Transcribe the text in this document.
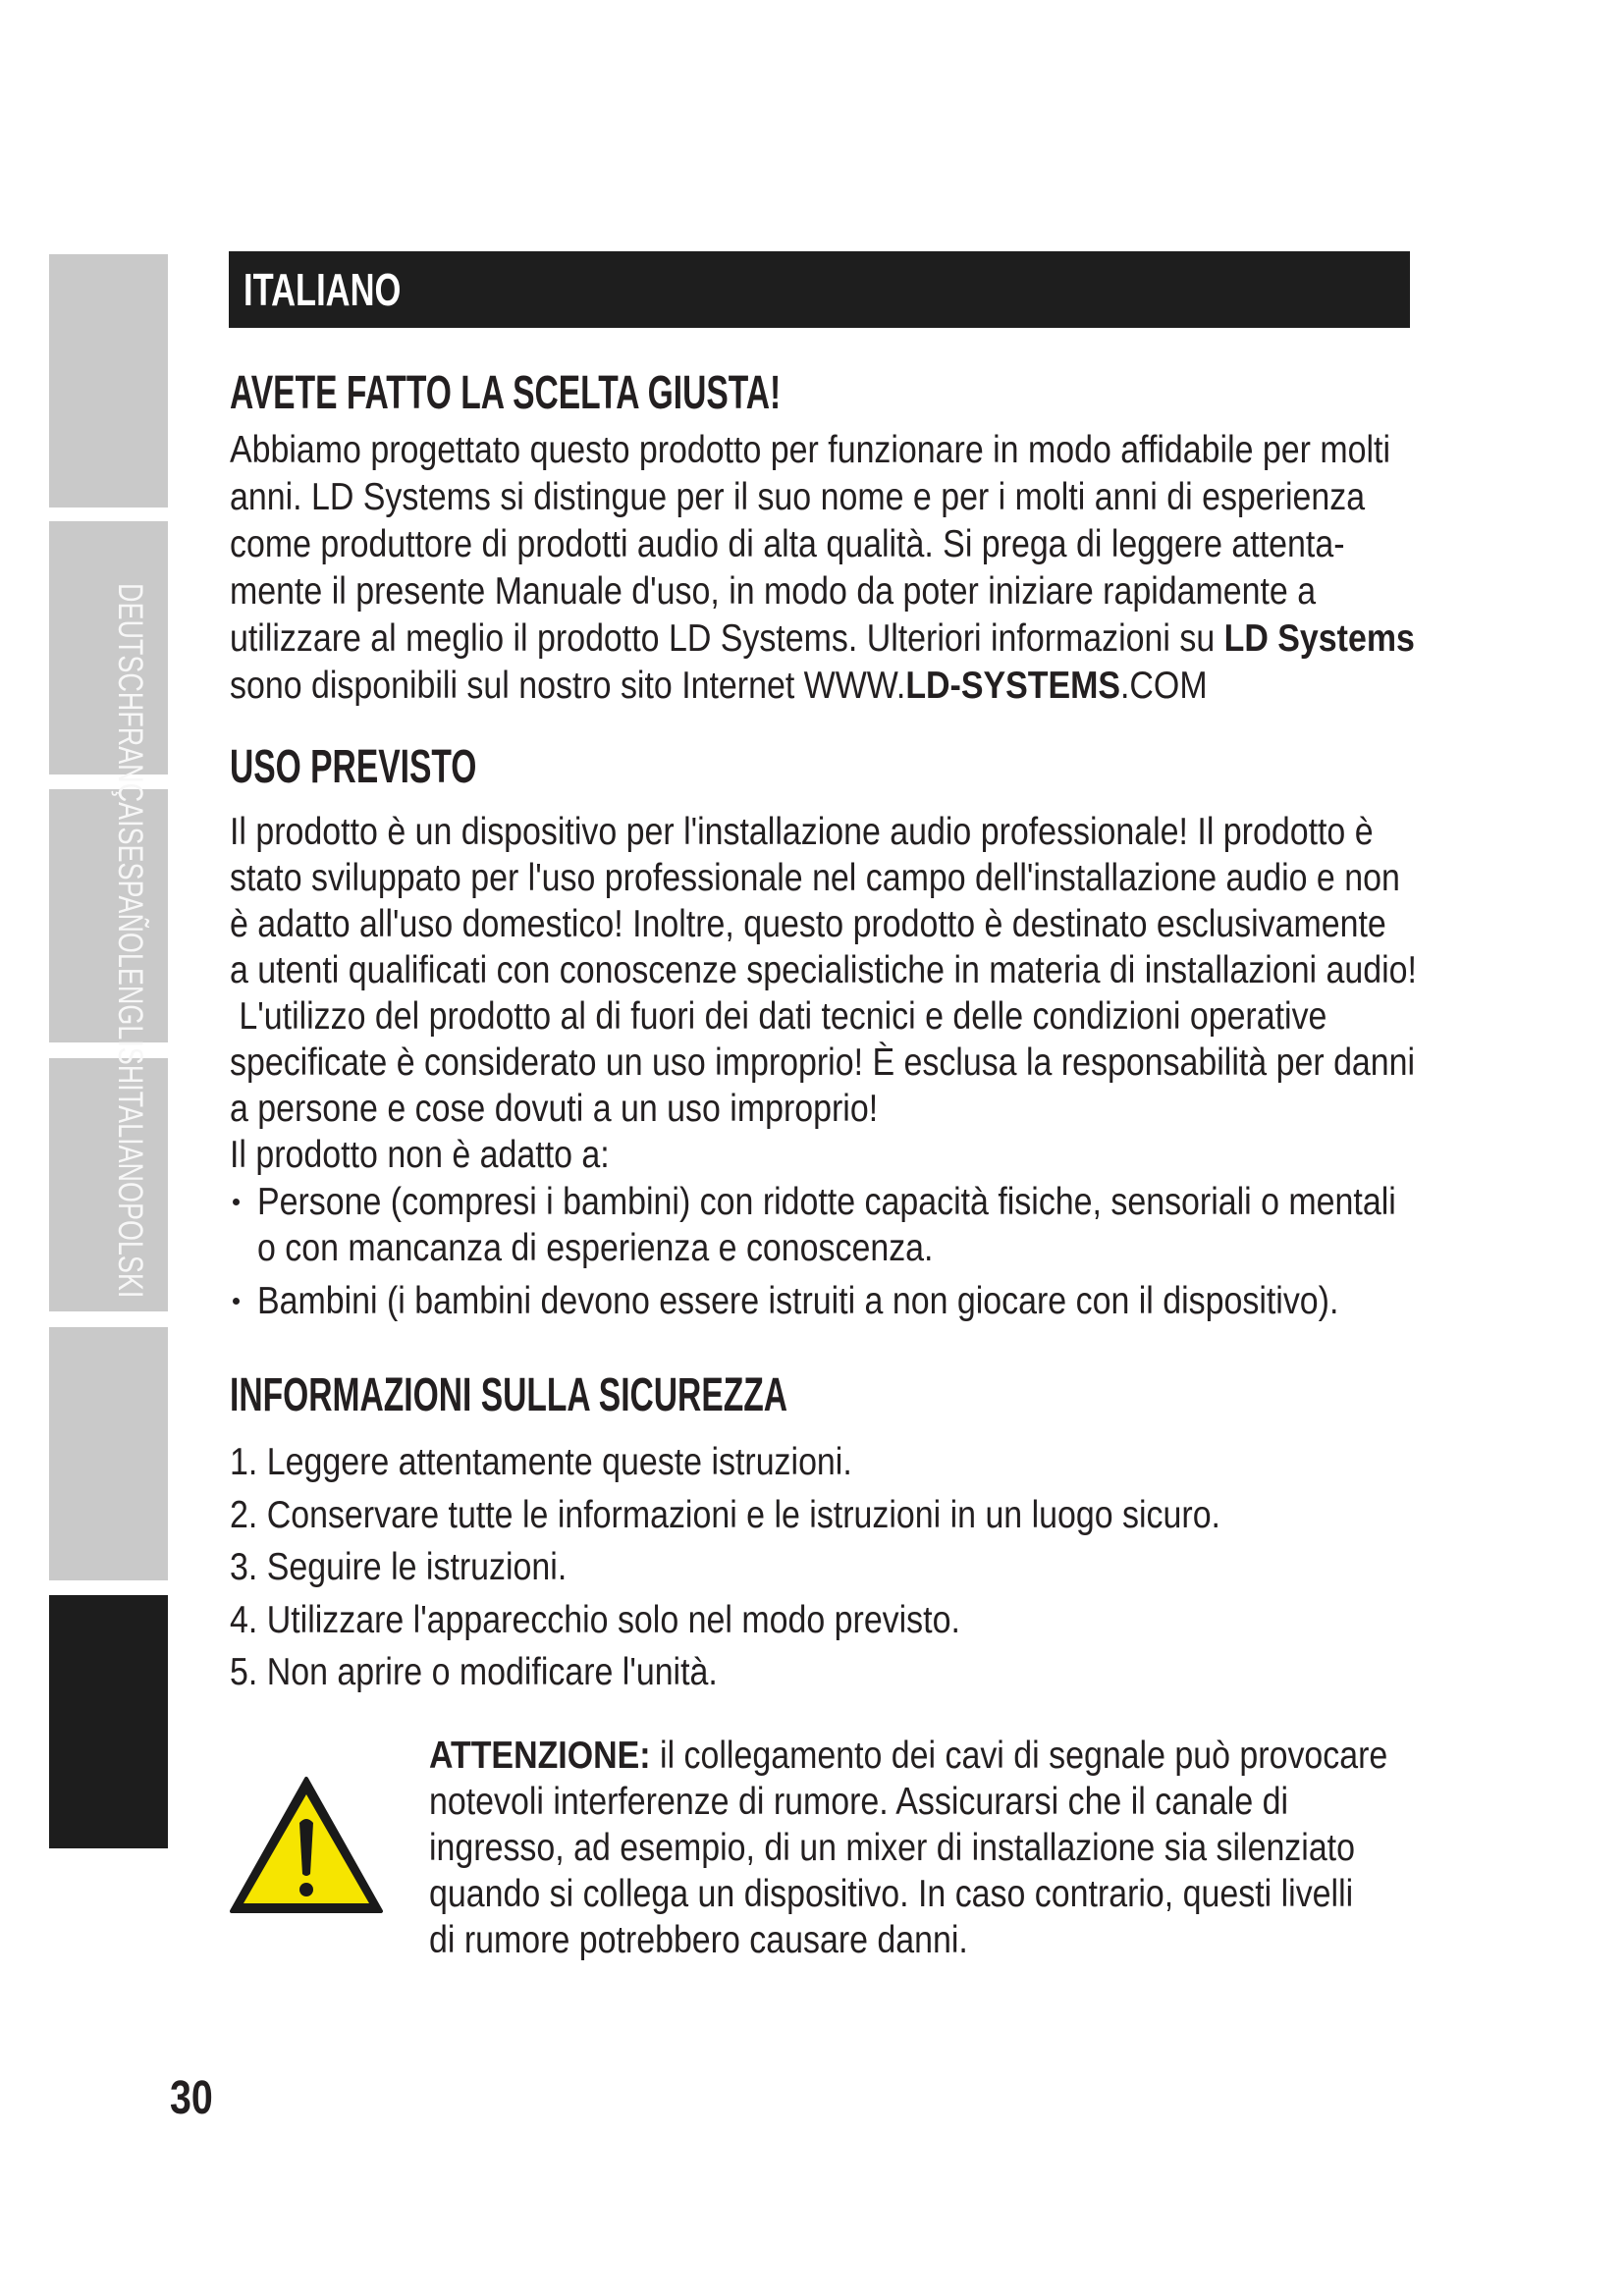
DEUTSCHFRANÇAISESPAÑOLENGLISHITALIANOPOLSKI
ITALIANO
AVETE FATTO LA SCELTA GIUSTA!
Abbiamo progettato questo prodotto per funzionare in modo affidabile per molti
anni. LD Systems si distingue per il suo nome e per i molti anni di esperienza
come produttore di prodotti audio di alta qualità. Si prega di leggere attenta-
mente il presente Manuale d'uso, in modo da poter iniziare rapidamente a
utilizzare al meglio il prodotto LD Systems. Ulteriori informazioni su LD Systems
sono disponibili sul nostro sito Internet WWW.LD-SYSTEMS.COM
USO PREVISTO
Il prodotto è un dispositivo per l'installazione audio professionale! Il prodotto è
stato sviluppato per l'uso professionale nel campo dell'installazione audio e non
è adatto all'uso domestico! Inoltre, questo prodotto è destinato esclusivamente
a utenti qualificati con conoscenze specialistiche in materia di installazioni audio!
L'utilizzo del prodotto al di fuori dei dati tecnici e delle condizioni operative
specificate è considerato un uso improprio! È esclusa la responsabilità per danni
a persone e cose dovuti a un uso improprio!
Il prodotto non è adatto a:
Persone (compresi i bambini) con ridotte capacità fisiche, sensoriali o mentali
o con mancanza di esperienza e conoscenza.
Bambini (i bambini devono essere istruiti a non giocare con il dispositivo).
INFORMAZIONI SULLA SICUREZZA
1. Leggere attentamente queste istruzioni.
2. Conservare tutte le informazioni e le istruzioni in un luogo sicuro.
3. Seguire le istruzioni.
4. Utilizzare l'apparecchio solo nel modo previsto.
5. Non aprire o modificare l'unità.
ATTENZIONE: il collegamento dei cavi di segnale può provocare
notevoli interferenze di rumore. Assicurarsi che il canale di
ingresso, ad esempio, di un mixer di installazione sia silenziato
quando si collega un dispositivo. In caso contrario, questi livelli
di rumore potrebbero causare danni.
30
